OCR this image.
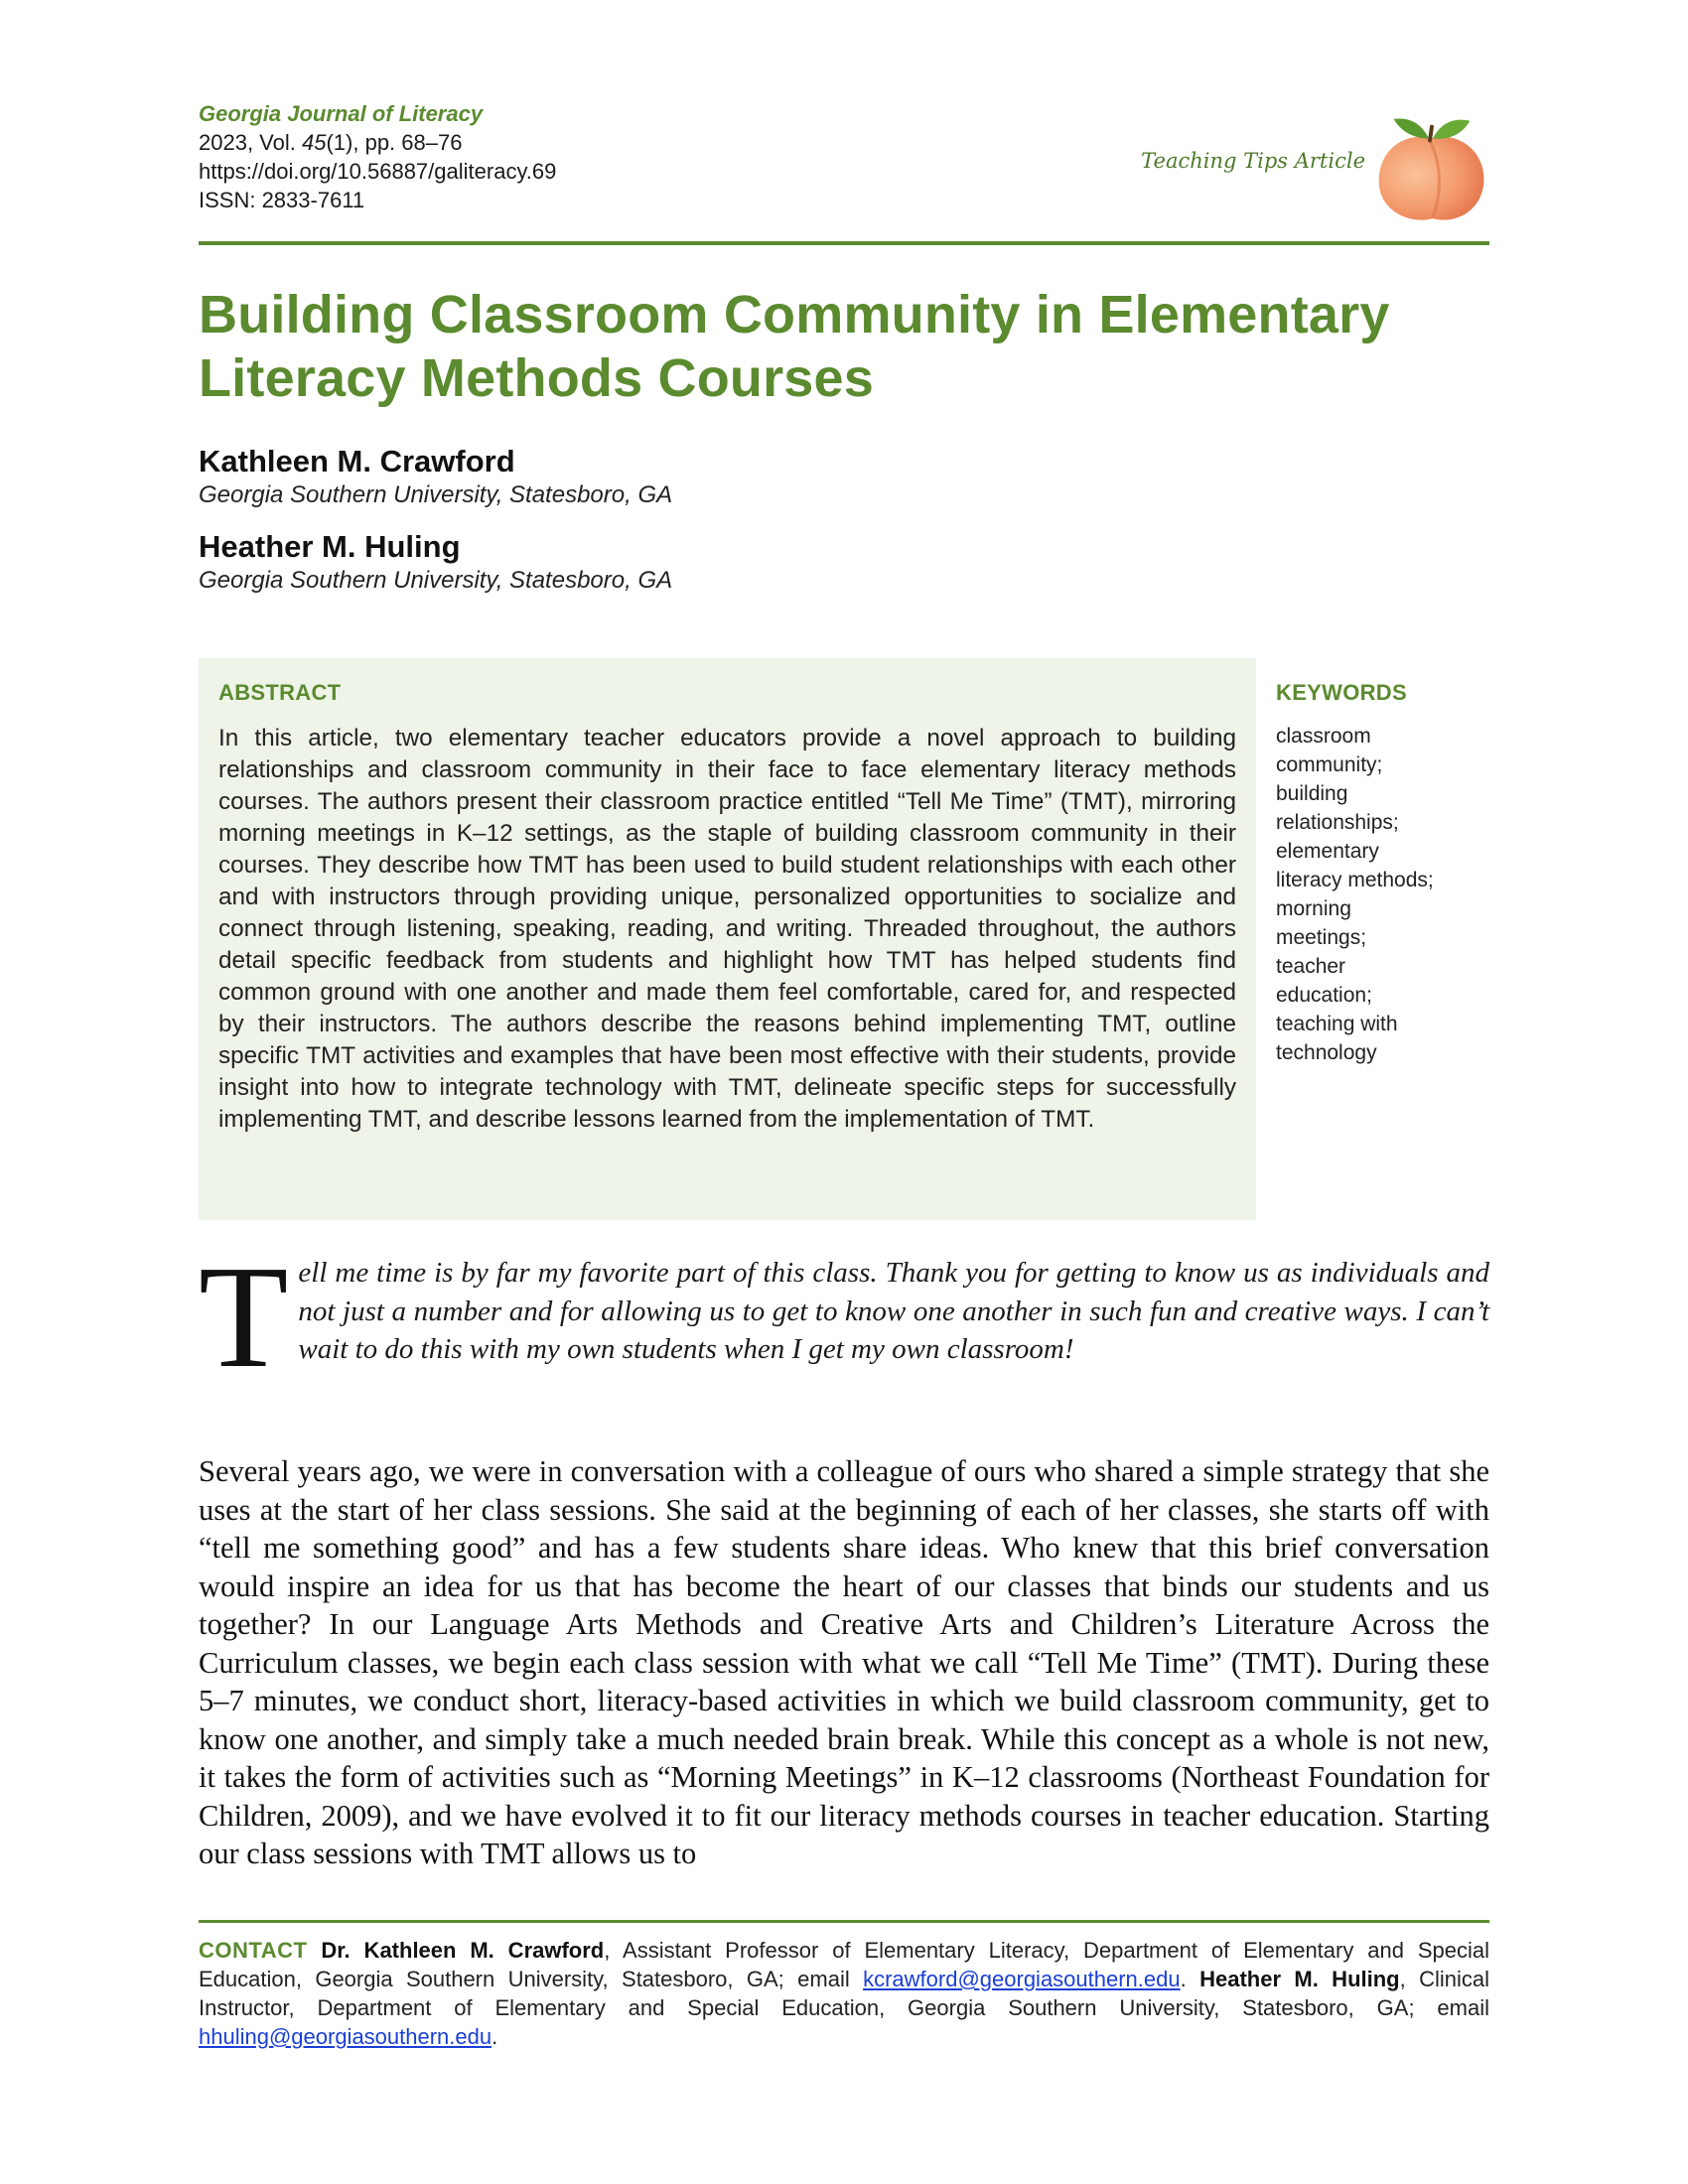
Georgia Journal of Literacy
2023, Vol. 45(1), pp. 68–76
https://doi.org/10.56887/galiteracy.69
ISSN: 2833-7611
Teaching Tips Article
Building Classroom Community in Elementary
Literacy Methods Courses
Kathleen M. Crawford
Georgia Southern University, Statesboro, GA
Heather M. Huling
Georgia Southern University, Statesboro, GA
ABSTRACT
In this article, two elementary teacher educators provide a novel approach to building relationships and classroom community in their face to face elementary literacy methods courses. The authors present their classroom practice entitled “Tell Me Time” (TMT), mirroring morning meetings in K–12 settings, as the staple of building classroom community in their courses. They describe how TMT has been used to build student relationships with each other and with instructors through providing unique, personalized opportunities to socialize and connect through listening, speaking, reading, and writing. Threaded throughout, the authors detail specific feedback from students and highlight how TMT has helped students find common ground with one another and made them feel comfortable, cared for, and respected by their instructors. The authors describe the reasons behind implementing TMT, outline specific TMT activities and examples that have been most effective with their students, provide insight into how to integrate technology with TMT, delineate specific steps for successfully implementing TMT, and describe lessons learned from the implementation of TMT.
KEYWORDS
classroom
community;
building
relationships;
elementary
literacy methods;
morning
meetings;
teacher
education;
teaching with
technology
Tell me time is by far my favorite part of this class. Thank you for getting to know us as individuals and not just a number and for allowing us to get to know one another in such fun and creative ways. I can’t wait to do this with my own students when I get my own classroom!
Several years ago, we were in conversation with a colleague of ours who shared a simple strategy that she uses at the start of her class sessions. She said at the beginning of each of her classes, she starts off with “tell me something good” and has a few students share ideas. Who knew that this brief conversation would inspire an idea for us that has become the heart of our classes that binds our students and us together? In our Language Arts Methods and Creative Arts and Children’s Literature Across the Curriculum classes, we begin each class session with what we call “Tell Me Time” (TMT). During these 5–7 minutes, we conduct short, literacy-based activities in which we build classroom community, get to know one another, and simply take a much needed brain break. While this concept as a whole is not new, it takes the form of activities such as “Morning Meetings” in K–12 classrooms (Northeast Foundation for Children, 2009), and we have evolved it to fit our literacy methods courses in teacher education. Starting our class sessions with TMT allows us to
CONTACT Dr. Kathleen M. Crawford, Assistant Professor of Elementary Literacy, Department of Elementary and Special Education, Georgia Southern University, Statesboro, GA; email kcrawford@georgiasouthern.edu. Heather M. Huling, Clinical Instructor, Department of Elementary and Special Education, Georgia Southern University, Statesboro, GA; email hhuling@georgiasouthern.edu.
